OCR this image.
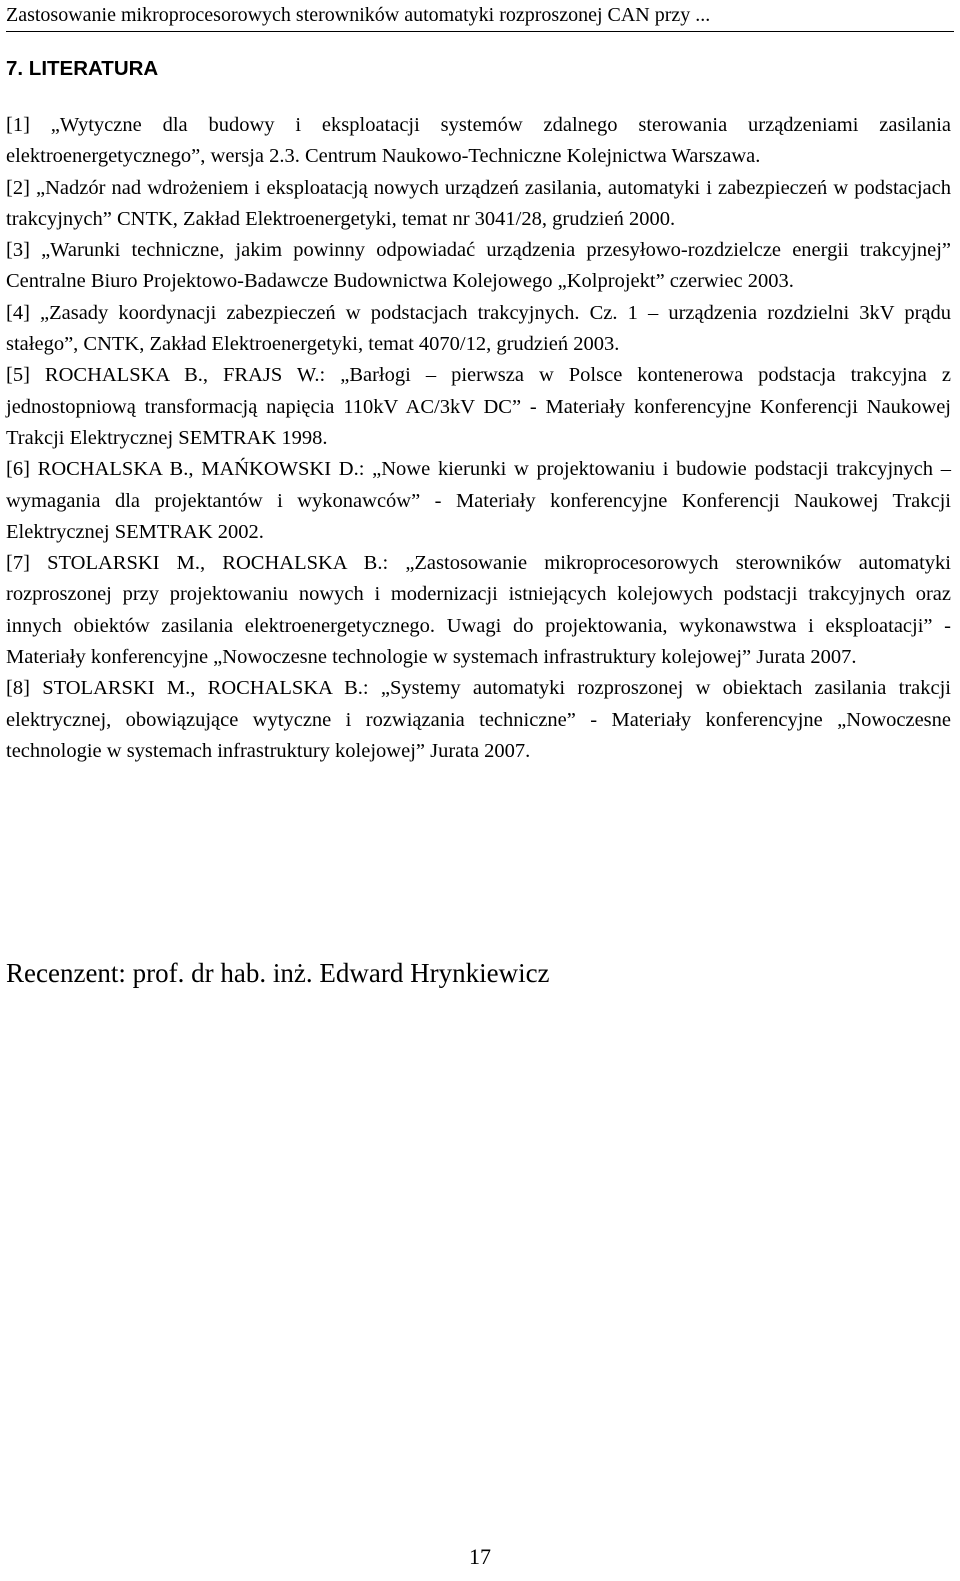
Zastosowanie mikroprocesorowych sterowników automatyki rozproszonej CAN przy ...
7. LITERATURA

[1] „Wytyczne dla budowy i eksploatacji systemów zdalnego sterowania urządzeniami zasilania elektroenergetycznego”, wersja 2.3. Centrum Naukowo-Techniczne Kolejnictwa Warszawa.

[2] „Nadzór nad wdrożeniem i eksploatacją nowych urządzeń zasilania, automatyki i zabezpieczeń w podstacjach trakcyjnych” CNTK, Zakład Elektroenergetyki, temat nr 3041/28, grudzień 2000.

[3] „Warunki techniczne, jakim powinny odpowiadać urządzenia przesyłowo-rozdzielcze energii trakcyjnej” Centralne Biuro Projektowo-Badawcze Budownictwa Kolejowego „Kolprojekt” czerwiec 2003.

[4] „Zasady koordynacji zabezpieczeń w podstacjach trakcyjnych. Cz. 1 – urządzenia rozdzielni 3kV prądu stałego”, CNTK, Zakład Elektroenergetyki, temat 4070/12, grudzień 2003.

[5] ROCHALSKA B., FRAJS W.: „Barłogi – pierwsza w Polsce kontenerowa podstacja trakcyjna z jednostopniową transformacją napięcia 110kV AC/3kV DC” - Materiały konferencyjne Konferencji Naukowej Trakcji Elektrycznej SEMTRAK 1998.

[6] ROCHALSKA B., MAŃKOWSKI D.: „Nowe kierunki w projektowaniu i budowie podstacji trakcyjnych – wymagania dla projektantów i wykonawców” - Materiały konferencyjne Konferencji Naukowej Trakcji Elektrycznej SEMTRAK 2002.

[7] STOLARSKI M., ROCHALSKA B.: „Zastosowanie mikroprocesorowych sterowników automatyki rozproszonej przy projektowaniu nowych i modernizacji istniejących kolejowych podstacji trakcyjnych oraz innych obiektów zasilania elektroenergetycznego. Uwagi do projektowania, wykonawstwa i eksploatacji” - Materiały konferencyjne „Nowoczesne technologie w systemach infrastruktury kolejowej” Jurata 2007.

[8] STOLARSKI M., ROCHALSKA B.: „Systemy automatyki rozproszonej w obiektach zasilania trakcji elektrycznej, obowiązujące wytyczne i rozwiązania techniczne” - Materiały konferencyjne „Nowoczesne technologie w systemach infrastruktury kolejowej” Jurata 2007.

Recenzent: prof. dr hab. inż. Edward Hrynkiewicz
17
